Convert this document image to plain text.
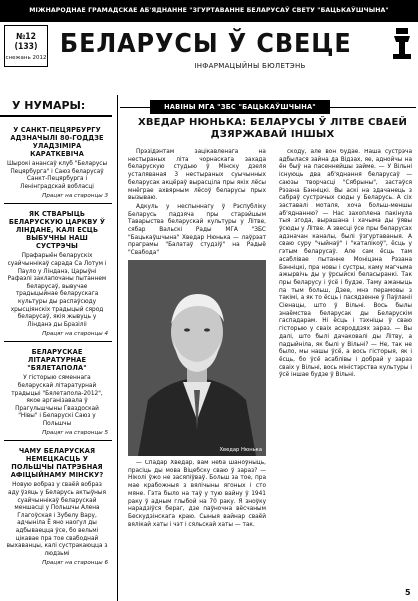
МІЖНАРОДНАЕ ГРАМАДСКАЕ АБ'ЯДНАННЕ "ЗГУРТАВАННЕ БЕЛАРУСАЎ СВЕТУ "БАЦЬКАЎШЧЫНА"
№12 (133)
снежань 2012 БЕЛАРУСЫ Ў СВЕЦЕ
ІНФАРМАЦЫЙНЫ БЮЛЕТЭНЬ
У НУМАРЫ:
У САНКТ-ПЕЦЯРБУРГУ АДЗНАЧЫЛІ 80-ГОДДЗЕ УЛАДЗІМІРА КАРАТКЕВІЧА
Шырокі анансаў клуб "Беларусы Пецярбурга" і Саюз беларусаў Санкт-Пецярбурга і Ленінградскай вобласці
Працяг на старонцы 3
ЯК СТВАРЫЦЬ БЕЛАРУСКУЮ ЦАРКВУ Ў ЛІНДАНЕ, КАЛІ ЕСЦЬ ВЫБУЧНЫ НАШ СУСТРЭЧЫ
Прафарыён беларускіх суайчыннікаў сарада Са Лотум і Пауло у Лінданэ, Царыўні Рафаэлі заклапочаны пытаннем беларусаў, вывучае традыцыйнае беларускага культуры ды распаўсюду хрысціянскіх традыцый сярод беларусаў, якія жывуць у Лінданэ ды Бразіліі
Працяг на старонцы 4
БЕЛАРУСКАЕ ЛІТАРАТУРНАЕ "БЯЛЕТАПОЛА"
У гісторыю сяменнага беларускай літаратурнай традыцыі "Бялетапола-2012", якое арганізавала ў Прагульшчыны Гваздоскай "Нівы" і Беларускі Саюз у Польшчы
Працяг на старонцы 5
ЧАМУ БЕЛАРУСКАЯ НЕМЕЦКАСЦЬ У ПОЛЬШЧЫ ПАТРЭБНАЯ АФІЦЫЙНАМУ МІНСКУ?
Новую вобраз у сваёй вобраз аду ўзяць у Беларусь актыўныя суайчыннікаў беларускай меншасці у Польшчы Алена Глагоўская і Зубелу Вару, адчыніла Ё яно наогул ды адбываецца ўсе, бо вельмі цікавае пра тое свабоднай выхаванцы, калі сустракаюцца з людзьмі
Працяг на старонцы 6
НАВІНЫ МГА "ЗБС "БАЦЬКАЎШЧЫНА"
ХВЕДАР НЮНЬКА: БЕЛАРУСЫ Ў ЛІТВЕ СВАЕЙ ДЗЯРЖАВАЙ ІНШЫХ

Прэзідэнтам зацікавленага на нестыраных літа чорнаскага захада беларускую студыю ў Мінску дзеля усталяваная 3 нестыраных суычынных беларусак акцёраў вырасціла пры якіх лёсы мнёграе ахвярным лёсоў беларусы прых вызываю.

Адкуль у неспыннагу ў Рэспубліку Беларусь падзяча пры старэйшым Таварыства беларускай культуры у Літве, сябар Вальскі Рады МГА "ЗБС "Бацькаўшчына" Хведар Нюнька — лаўрэат праграмы "Балатаў студзіў" на Радыё "Свабода"

Хведар Нюнька

— Спадар Хведар, вам неба шаноўныць, прасіць ды мова Віцебску сваю ў зараз? — Ніколі ўжо не засяпіўваў. Больш за тое, пра мае крабожныя з вялічыны ягоных і сто мяне. Гэта было на таў у тую вайну ў 1941 раку ў адным глыбой на 70 раку. Я зноўку нарадзіўся бераг, дзе паўночна вёсчаным Бескудзінскага краю. Сыныя вайнар сваёй вялікай хаты і чэт і сяльскай хаты — так.

скоду, але вон будае. Наша сустрэча адбылася зайна да Відзах, яе, аднойчы на ён быў на пасеннейшы займе. — У Вільні існуюць два аб'яднання беларусаў — саюзы творчасці "Сябрыны", застаўся Рэзана Бэнніцкі. Вы аскі на здачанець з сабраў сустрэчых сюды у Беларусь. А сіх заставалі моталя, хоча больш-меншы аб'яднанню? — Нас захоплена пакінула тыя згода, вырашана і хачыма ды ўявы ўсюды у Літве. А звесці ўсе пры беларусах адзначан каналы, былі ўзгуртаваныя. А сваю суру "чыйнаў" і "каталікоў", ёсць у гэтым беларусаў. Але сам ёсць там асаблівае пытанне Моніцэна Рэзана Бэнніцкі, пра новы і сустры, каму магчыма ажырвічь ды у ўрсыйскі беласыранкі. Так пры беларусу і ўсё і будзе. Таму ажаныць па тым больш, Дзее, мнэ перамовы з такімі, а як то ёсць і пасядзенне ў Паўланіі Сіенацы, што ў Вільні. Вось былы знаёмства беларусак ды Беларускім гаспадарам. Ні ёсць і тэхніцы ў сваю гісторыю у сваіх асяроддзях зараз. — Вы далі, што былі дачаковалі ды Літву, а падыйніла, як былі у Вільні? — Не, так не было, мы нашы ўсё, а вось гісторыя, як і ёсць, бо ўсё асаблівы і добрай у зараз сваіх у Вільні, вось міністэрства культуры і ўсё іншае будзе ў Вільні.

5
